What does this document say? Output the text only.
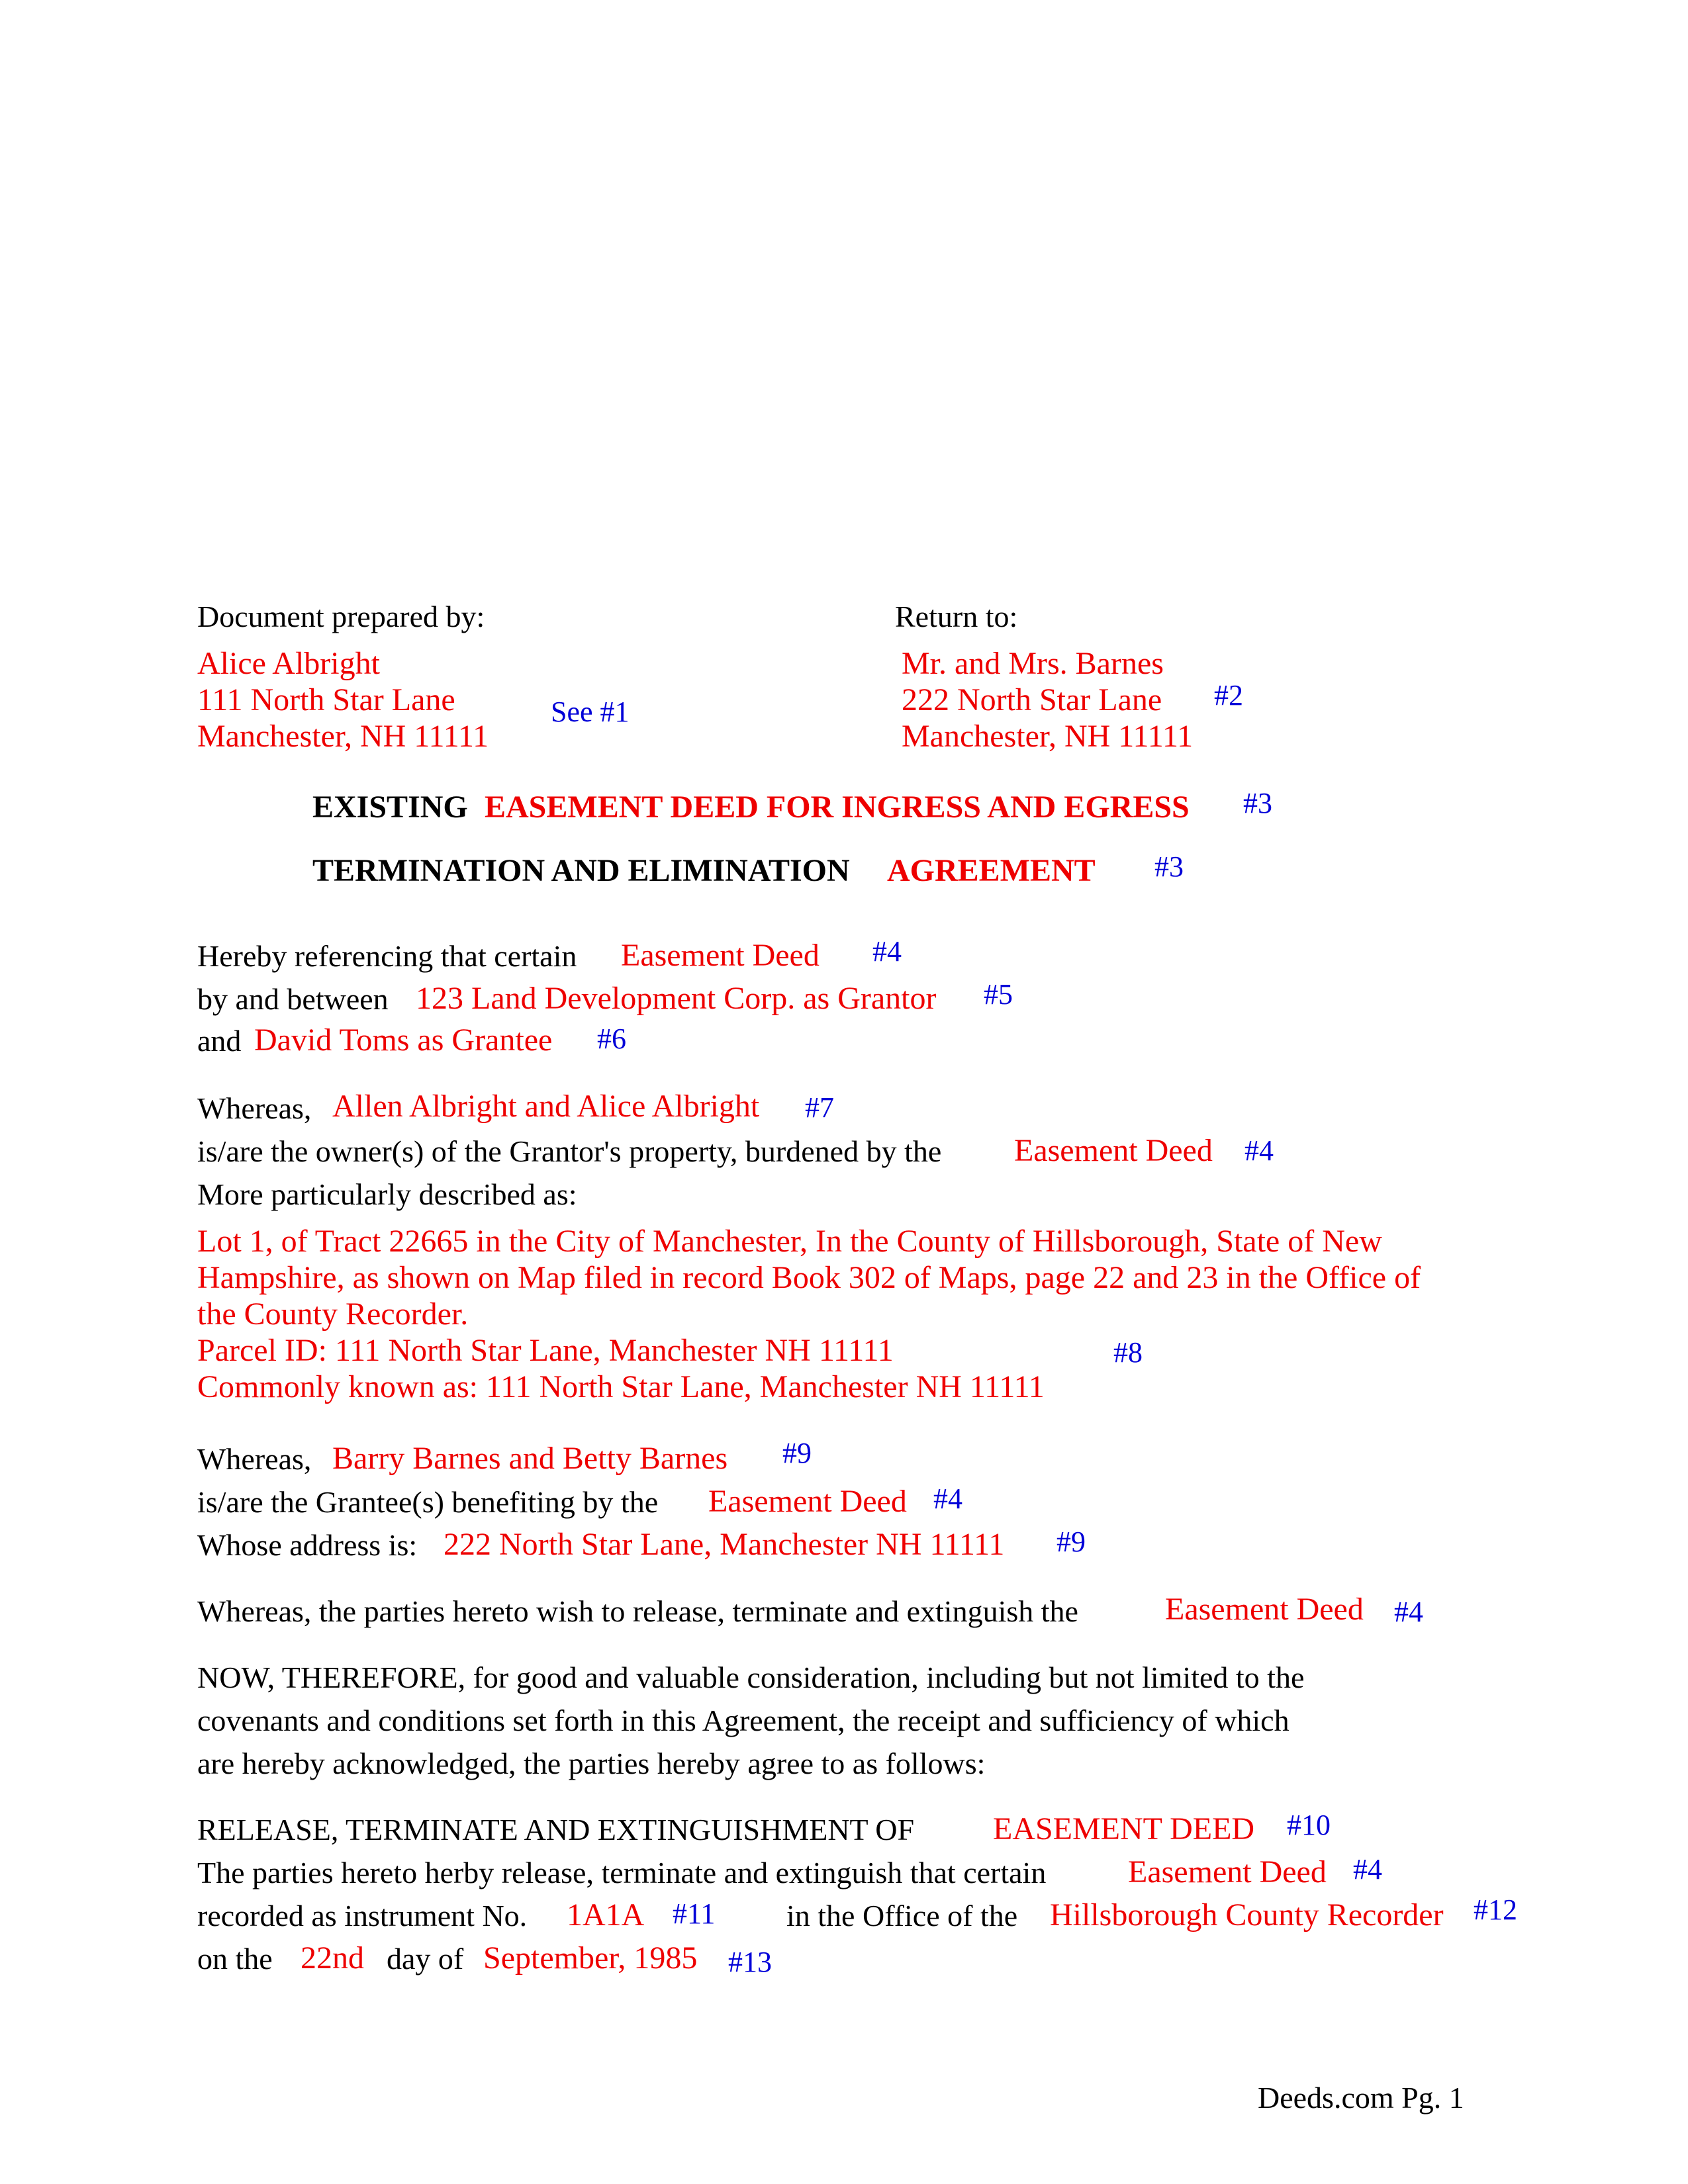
Document prepared by:
Alice Albright
111 North Star Lane
Manchester, NH 11111
See #1
Return to:
Mr. and Mrs. Barnes
222 North Star Lane #2
Manchester, NH 11111
EXISTING EASEMENT DEED FOR INGRESS AND EGRESS #3
TERMINATION AND ELIMINATION AGREEMENT #3
Hereby referencing that certain Easement Deed #4
by and between 123 Land Development Corp. as Grantor #5
and David Toms as Grantee #6
Whereas, Allen Albright and Alice Albright #7
is/are the owner(s) of the Grantor's property, burdened by the Easement Deed #4
More particularly described as:
Lot 1, of Tract 22665 in the City of Manchester, In the County of Hillsborough, State of New
Hampshire, as shown on Map filed in record Book 302 of Maps, page 22 and 23 in the Office of
the County Recorder.
Parcel ID: 111 North Star Lane, Manchester NH 11111	#8
Commonly known as: 111 North Star Lane, Manchester NH 11111
Whereas, Barry Barnes and Betty Barnes #9
is/are the Grantee(s) benefiting by the Easement Deed #4
Whose address is: 222 North Star Lane, Manchester NH 11111 #9
Whereas, the parties hereto wish to release, terminate and extinguish the	Easement Deed #4
NOW, THEREFORE, for good and valuable consideration, including but not limited to the
covenants and conditions set forth in this Agreement, the receipt and sufficiency of which
are hereby acknowledged, the parties hereby agree to as follows:
RELEASE, TERMINATE AND EXTINGUISHMENT OF EASEMENT DEED #10
The parties hereto herby release, terminate and extinguish that certain	Easement Deed #4
recorded as instrument No. 1A1A #11 in the Office of the Hillsborough County Recorder #12
on the 22nd day of September, 1985 #13
Deeds.com Pg. 1
